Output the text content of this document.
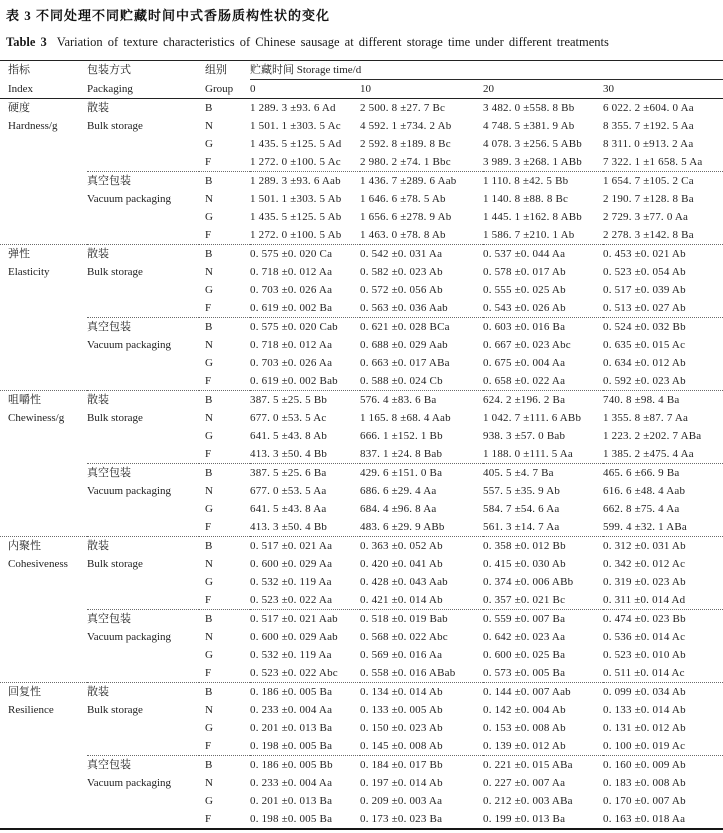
表 3 不同处理不同贮藏时间中式香肠质构性状的变化
Table 3 Variation of texture characteristics of Chinese sausage at different storage time under different treatments
指标	包装方式	组别	贮藏时间 Storage time/d			
Index	Packaging	Group	0	10	20	30

硬度
Hardness/g

散装
Bulk storage
	B	1 289. 3 ±93. 6 Ad	2 500. 8 ±27. 7 Bc	3 482. 0 ±558. 8 Bb	6 022. 2 ±604. 0 Aa
		N	1 501. 1 ±303. 5 Ac	4 592. 1 ±734. 2 Ab	4 748. 5 ±381. 9 Ab	8 355. 7 ±192. 5 Aa
		G	1 435. 5 ±125. 5 Ad	2 592. 8 ±189. 8 Bc	4 078. 3 ±256. 5 ABb	8 311. 0 ±913. 2 Aa
		F	1 272. 0 ±100. 5 Ac	2 980. 2 ±74. 1 Bbc	3 989. 3 ±268. 1 ABb	7 322. 1 ±1 658. 5 Aa

	真空包装
Vacuum packaging	B	1 289. 3 ±93. 6 Aab	1 436. 7 ±289. 6 Aab	1 110. 8 ±42. 5 Bb	1 654. 7 ±105. 2 Ca
		N	1 501. 1 ±303. 5 Ab	1 646. 6 ±78. 5 Ab	1 140. 8 ±88. 8 Bc	2 190. 7 ±128. 8 Ba
		G	1 435. 5 ±125. 5 Ab	1 656. 6 ±278. 9 Ab	1 445. 1 ±162. 8 ABb	2 729. 3 ±77. 0 Aa
		F	1 272. 0 ±100. 5 Ab	1 463. 0 ±78. 8 Ab	1 586. 7 ±210. 1 Ab	2 278. 3 ±142. 8 Ba

弹性
Elasticity

散装
Bulk storage
	B	0. 575 ±0. 020 Ca	0. 542 ±0. 031 Aa	0. 537 ±0. 044 Aa	0. 453 ±0. 021 Ab
		N	0. 718 ±0. 012 Aa	0. 582 ±0. 023 Ab	0. 578 ±0. 017 Ab	0. 523 ±0. 054 Ab
		G	0. 703 ±0. 026 Aa	0. 572 ±0. 056 Ab	0. 555 ±0. 025 Ab	0. 517 ±0. 039 Ab
		F	0. 619 ±0. 002 Ba	0. 563 ±0. 036 Aab	0. 543 ±0. 026 Ab	0. 513 ±0. 027 Ab

	真空包装
Vacuum packaging	B	0. 575 ±0. 020 Cab	0. 621 ±0. 028 BCa	0. 603 ±0. 016 Ba	0. 524 ±0. 032 Bb
		N	0. 718 ±0. 012 Aa	0. 688 ±0. 029 Aab	0. 667 ±0. 023 Abc	0. 635 ±0. 015 Ac
		G	0. 703 ±0. 026 Aa	0. 663 ±0. 017 ABa	0. 675 ±0. 004 Aa	0. 634 ±0. 012 Ab
		F	0. 619 ±0. 002 Bab	0. 588 ±0. 024 Cb	0. 658 ±0. 022 Aa	0. 592 ±0. 023 Ab

咀嚼性
Chewiness/g

散装
Bulk storage
	B	387. 5 ±25. 5 Bb	576. 4 ±83. 6 Ba	624. 2 ±196. 2 Ba	740. 8 ±98. 4 Ba
		N	677. 0 ±53. 5 Ac	1 165. 8 ±68. 4 Aab	1 042. 7 ±111. 6 ABb	1 355. 8 ±87. 7 Aa
		G	641. 5 ±43. 8 Ab	666. 1 ±152. 1 Bb	938. 3 ±57. 0 Bab	1 223. 2 ±202. 7 ABa
		F	413. 3 ±50. 4 Bb	837. 1 ±24. 8 Bab	1 188. 0 ±111. 5 Aa	1 385. 2 ±475. 4 Aa

	真空包装
Vacuum packaging	B	387. 5 ±25. 6 Ba	429. 6 ±151. 0 Ba	405. 5 ±4. 7 Ba	465. 6 ±66. 9 Ba
		N	677. 0 ±53. 5 Aa	686. 6 ±29. 4 Aa	557. 5 ±35. 9 Ab	616. 6 ±48. 4 Aab
		G	641. 5 ±43. 8 Aa	684. 4 ±96. 8 Aa	584. 7 ±54. 6 Aa	662. 8 ±75. 4 Aa
		F	413. 3 ±50. 4 Bb	483. 6 ±29. 9 ABb	561. 3 ±14. 7 Aa	599. 4 ±32. 1 ABa

内聚性
Cohesiveness

散装
Bulk storage
	B	0. 517 ±0. 021 Aa	0. 363 ±0. 052 Ab	0. 358 ±0. 012 Bb	0. 312 ±0. 031 Ab
		N	0. 600 ±0. 029 Aa	0. 420 ±0. 041 Ab	0. 415 ±0. 030 Ab	0. 342 ±0. 012 Ac
		G	0. 532 ±0. 119 Aa	0. 428 ±0. 043 Aab	0. 374 ±0. 006 ABb	0. 319 ±0. 023 Ab
		F	0. 523 ±0. 022 Aa	0. 421 ±0. 014 Ab	0. 357 ±0. 021 Bc	0. 311 ±0. 014 Ad

	真空包装
Vacuum packaging	B	0. 517 ±0. 021 Aab	0. 518 ±0. 019 Bab	0. 559 ±0. 007 Ba	0. 474 ±0. 023 Bb
		N	0. 600 ±0. 029 Aab	0. 568 ±0. 022 Abc	0. 642 ±0. 023 Aa	0. 536 ±0. 014 Ac
		G	0. 532 ±0. 119 Aa	0. 569 ±0. 016 Aa	0. 600 ±0. 025 Ba	0. 523 ±0. 010 Ab
		F	0. 523 ±0. 022 Abc	0. 558 ±0. 016 ABab	0. 573 ±0. 005 Ba	0. 511 ±0. 014 Ac

回复性
Resilience

散装
Bulk storage
	B	0. 186 ±0. 005 Ba	0. 134 ±0. 014 Ab	0. 144 ±0. 007 Aab	0. 099 ±0. 034 Ab
		N	0. 233 ±0. 004 Aa	0. 133 ±0. 005 Ab	0. 142 ±0. 004 Ab	0. 133 ±0. 014 Ab
		G	0. 201 ±0. 013 Ba	0. 150 ±0. 023 Ab	0. 153 ±0. 008 Ab	0. 131 ±0. 012 Ab
		F	0. 198 ±0. 005 Ba	0. 145 ±0. 008 Ab	0. 139 ±0. 012 Ab	0. 100 ±0. 019 Ac

	真空包装
Vacuum packaging	B	0. 186 ±0. 005 Bb	0. 184 ±0. 017 Bb	0. 221 ±0. 015 ABa	0. 160 ±0. 009 Ab
		N	0. 233 ±0. 004 Aa	0. 197 ±0. 014 Ab	0. 227 ±0. 007 Aa	0. 183 ±0. 008 Ab
		G	0. 201 ±0. 013 Ba	0. 209 ±0. 003 Aa	0. 212 ±0. 003 ABa	0. 170 ±0. 007 Ab
		F	0. 198 ±0. 005 Ba	0. 173 ±0. 023 Ba	0. 199 ±0. 013 Ba	0. 163 ±0. 018 Aa
